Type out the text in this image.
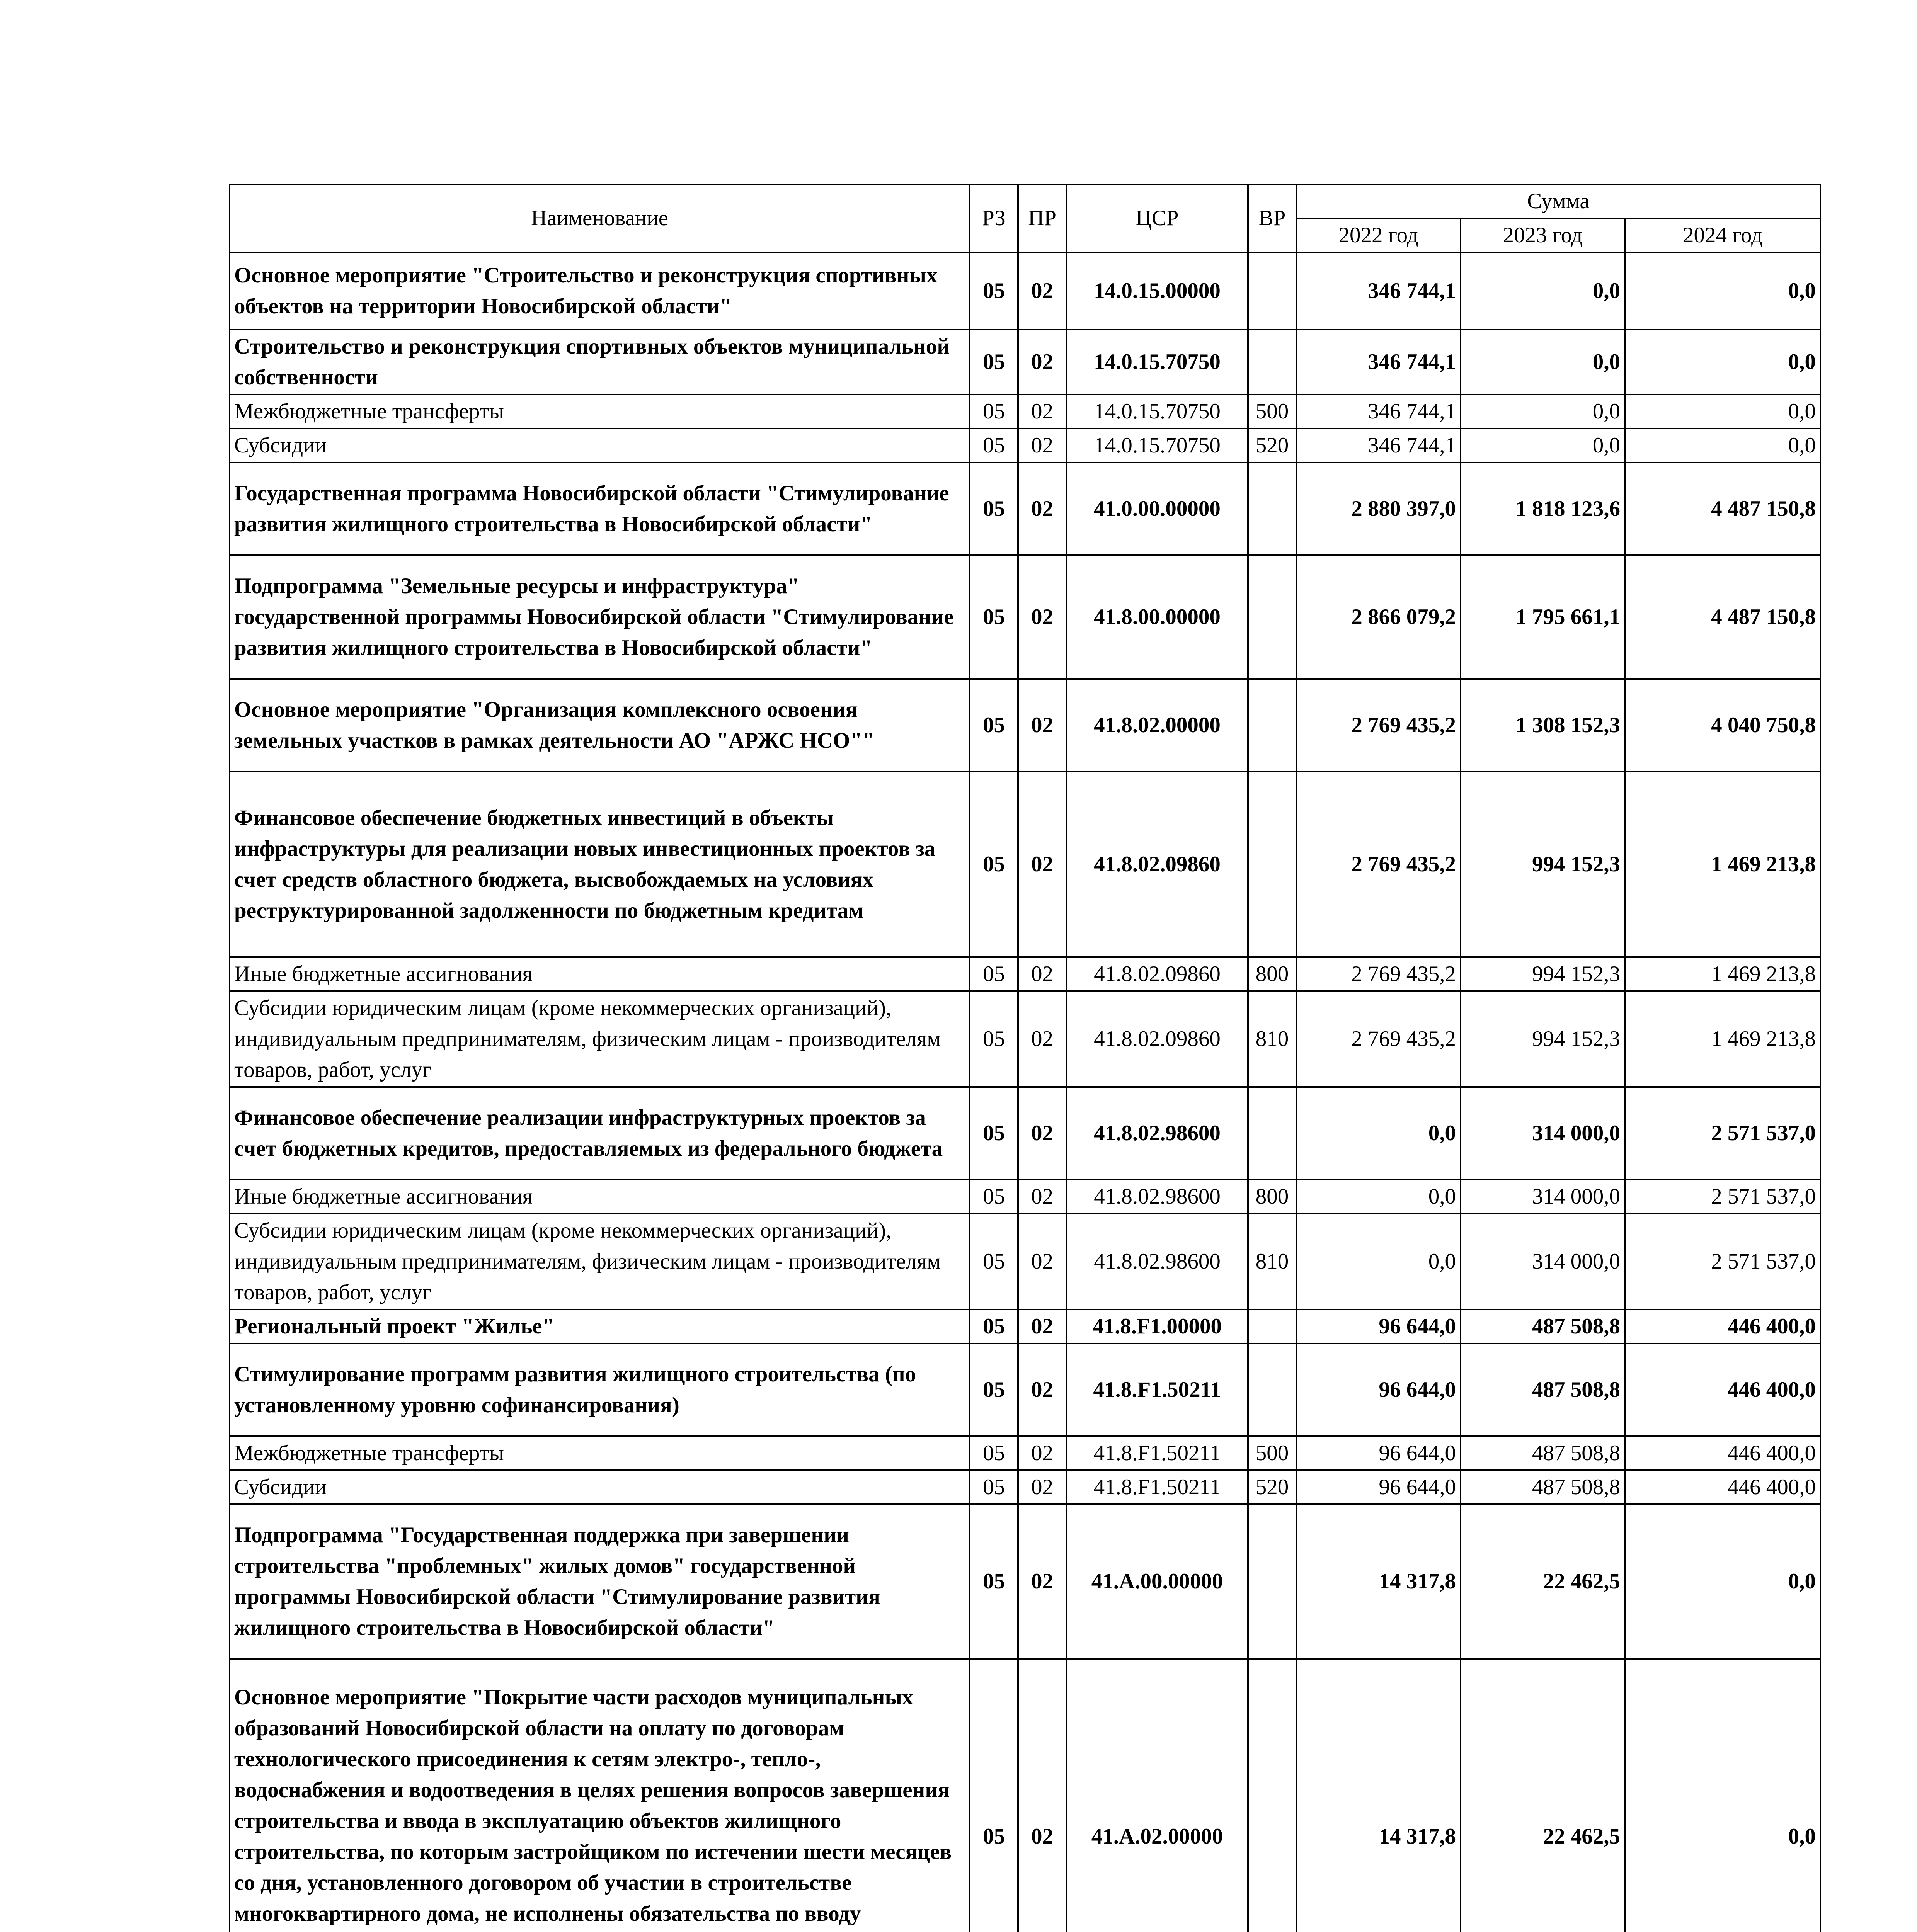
Наименование	РЗ	ПР	ЦСР	ВР	Сумма		
					2022 год	2023 год	2024 год
Основное мероприятие "Строительство и реконструкция спортивных объектов на территории Новосибирской области"	05	02	14.0.15.00000		346 744,1	0,0	0,0
Строительство и реконструкция спортивных объектов муниципальной собственности	05	02	14.0.15.70750		346 744,1	0,0	0,0
Межбюджетные трансферты	05	02	14.0.15.70750	500	346 744,1	0,0	0,0
Субсидии	05	02	14.0.15.70750	520	346 744,1	0,0	0,0
Государственная программа Новосибирской области "Стимулирование развития жилищного строительства в Новосибирской области"	05	02	41.0.00.00000		2 880 397,0	1 818 123,6	4 487 150,8
Подпрограмма "Земельные ресурсы и инфраструктура" государственной программы Новосибирской области "Стимулирование развития жилищного строительства в Новосибирской области"	05	02	41.8.00.00000		2 866 079,2	1 795 661,1	4 487 150,8
Основное мероприятие "Организация комплексного освоения земельных участков в рамках деятельности АО "АРЖС НСО""	05	02	41.8.02.00000		2 769 435,2	1 308 152,3	4 040 750,8
Финансовое обеспечение бюджетных инвестиций в объекты инфраструктуры для реализации новых инвестиционных проектов за счет средств областного бюджета, высвобождаемых на условиях реструктурированной задолженности по бюджетным кредитам	05	02	41.8.02.09860		2 769 435,2	994 152,3	1 469 213,8
Иные бюджетные ассигнования	05	02	41.8.02.09860	800	2 769 435,2	994 152,3	1 469 213,8
Субсидии юридическим лицам (кроме некоммерческих организаций), индивидуальным предпринимателям, физическим лицам - производителям товаров, работ, услуг	05	02	41.8.02.09860	810	2 769 435,2	994 152,3	1 469 213,8
Финансовое обеспечение реализации инфраструктурных проектов за счет бюджетных кредитов, предоставляемых из федерального бюджета	05	02	41.8.02.98600		0,0	314 000,0	2 571 537,0
Иные бюджетные ассигнования	05	02	41.8.02.98600	800	0,0	314 000,0	2 571 537,0
Субсидии юридическим лицам (кроме некоммерческих организаций), индивидуальным предпринимателям, физическим лицам - производителям товаров, работ, услуг	05	02	41.8.02.98600	810	0,0	314 000,0	2 571 537,0
Региональный проект "Жилье"	05	02	41.8.F1.00000		96 644,0	487 508,8	446 400,0
Стимулирование программ развития жилищного строительства (по установленному уровню софинансирования)	05	02	41.8.F1.50211		96 644,0	487 508,8	446 400,0
Межбюджетные трансферты	05	02	41.8.F1.50211	500	96 644,0	487 508,8	446 400,0
Субсидии	05	02	41.8.F1.50211	520	96 644,0	487 508,8	446 400,0
Подпрограмма "Государственная поддержка при завершении строительства "проблемных" жилых домов" государственной программы Новосибирской области "Стимулирование развития жилищного строительства в Новосибирской области"	05	02	41.A.00.00000		14 317,8	22 462,5	0,0
Основное мероприятие "Покрытие части расходов муниципальных образований Новосибирской области на оплату по договорам технологического присоединения к сетям электро-, тепло-, водоснабжения и водоотведения в целях решения вопросов завершения строительства и ввода в эксплуатацию объектов жилищного строительства, по которым застройщиком по истечении шести месяцев со дня, установленного договором об участии в строительстве многоквартирного дома, не исполнены обязательства по вводу	05	02	41.A.02.00000		14 317,8	22 462,5	0,0
